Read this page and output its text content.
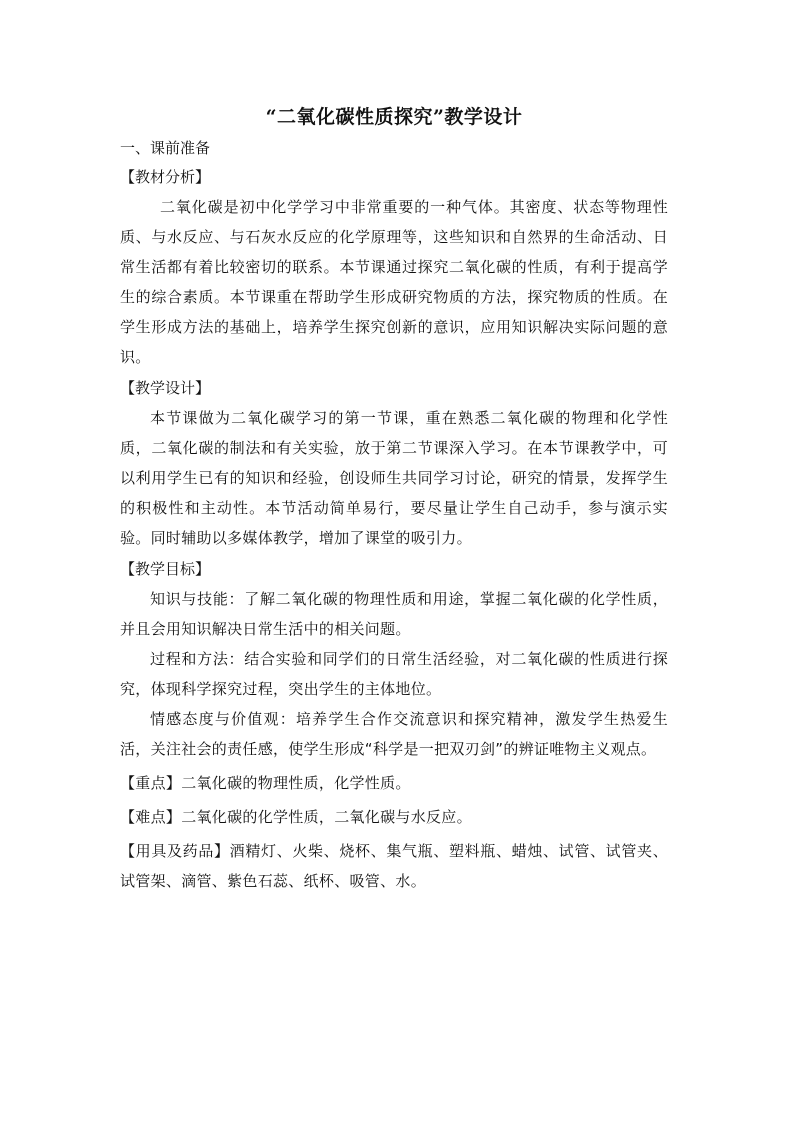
“二氧化碳性质探究”教学设计

一、课前准备

【教材分析】

二氧化碳是初中化学学习中非常重要的一种气体。其密度、状态等物理性质、与水反应、与石灰水反应的化学原理等，这些知识和自然界的生命活动、日常生活都有着比较密切的联系。本节课通过探究二氧化碳的性质，有利于提高学生的综合素质。本节课重在帮助学生形成研究物质的方法，探究物质的性质。在学生形成方法的基础上，培养学生探究创新的意识，应用知识解决实际问题的意识。

【教学设计】

本节课做为二氧化碳学习的第一节课，重在熟悉二氧化碳的物理和化学性质，二氧化碳的制法和有关实验，放于第二节课深入学习。在本节课教学中，可以利用学生已有的知识和经验，创设师生共同学习讨论，研究的情景，发挥学生的积极性和主动性。本节活动简单易行，要尽量让学生自己动手，参与演示实验。同时辅助以多媒体教学，增加了课堂的吸引力。

【教学目标】

知识与技能：了解二氧化碳的物理性质和用途，掌握二氧化碳的化学性质，并且会用知识解决日常生活中的相关问题。

过程和方法：结合实验和同学们的日常生活经验，对二氧化碳的性质进行探究，体现科学探究过程，突出学生的主体地位。

情感态度与价值观：培养学生合作交流意识和探究精神，激发学生热爱生活，关注社会的责任感，使学生形成“科学是一把双刃剑”的辨证唯物主义观点。

【重点】二氧化碳的物理性质，化学性质。

【难点】二氧化碳的化学性质，二氧化碳与水反应。

【用具及药品】酒精灯、火柴、烧杯、集气瓶、塑料瓶、蜡烛、试管、试管夹、试管架、滴管、紫色石蕊、纸杯、吸管、水。
